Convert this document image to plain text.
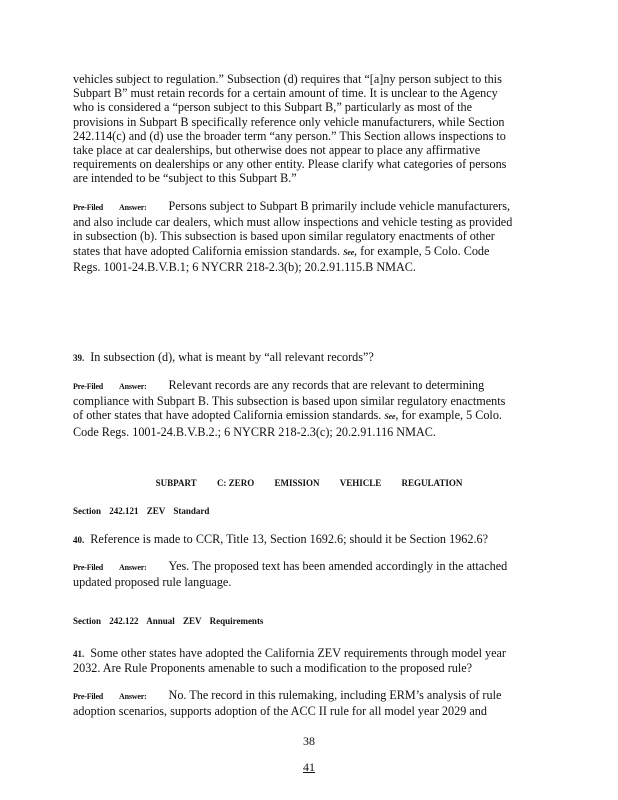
vehicles subject to regulation.” Subsection (d) requires that “[a]ny person subject to this Subpart B” must retain records for a certain amount of time. It is unclear to the Agency who is considered a “person subject to this Subpart B,” particularly as most of the provisions in Subpart B specifically reference only vehicle manufacturers, while Section 242.114(c) and (d) use the broader term “any person.” This Section allows inspections to take place at car dealerships, but otherwise does not appear to place any affirmative requirements on dealerships or any other entity. Please clarify what categories of persons are intended to be “subject to this Subpart B.”

Pre-Filed Answer: Persons subject to Subpart B primarily include vehicle manufacturers, and also include car dealers, which must allow inspections and vehicle testing as provided in subsection (b). This subsection is based upon similar regulatory enactments of other states that have adopted California emission standards. See, for example, 5 Colo. Code Regs. 1001-24.B.V.B.1; 6 NYCRR 218-2.3(b); 20.2.91.115.B NMAC.

39. In subsection (d), what is meant by “all relevant records”?

Pre-Filed Answer: Relevant records are any records that are relevant to determining compliance with Subpart B. This subsection is based upon similar regulatory enactments of other states that have adopted California emission standards. See, for example, 5 Colo. Code Regs. 1001-24.B.V.B.2.; 6 NYCRR 218-2.3(c); 20.2.91.116 NMAC.

SUBPART C: ZERO EMISSION VEHICLE REGULATION
Section 242.121 ZEV Standard

40. Reference is made to CCR, Title 13, Section 1692.6; should it be Section 1962.6?

Pre-Filed Answer: Yes. The proposed text has been amended accordingly in the attached updated proposed rule language.

Section 242.122 Annual ZEV Requirements

41. Some other states have adopted the California ZEV requirements through model year 2032. Are Rule Proponents amenable to such a modification to the proposed rule?

Pre-Filed Answer: No. The record in this rulemaking, including ERM’s analysis of rule adoption scenarios, supports adoption of the ACC II rule for all model year 2029 and

38
41
